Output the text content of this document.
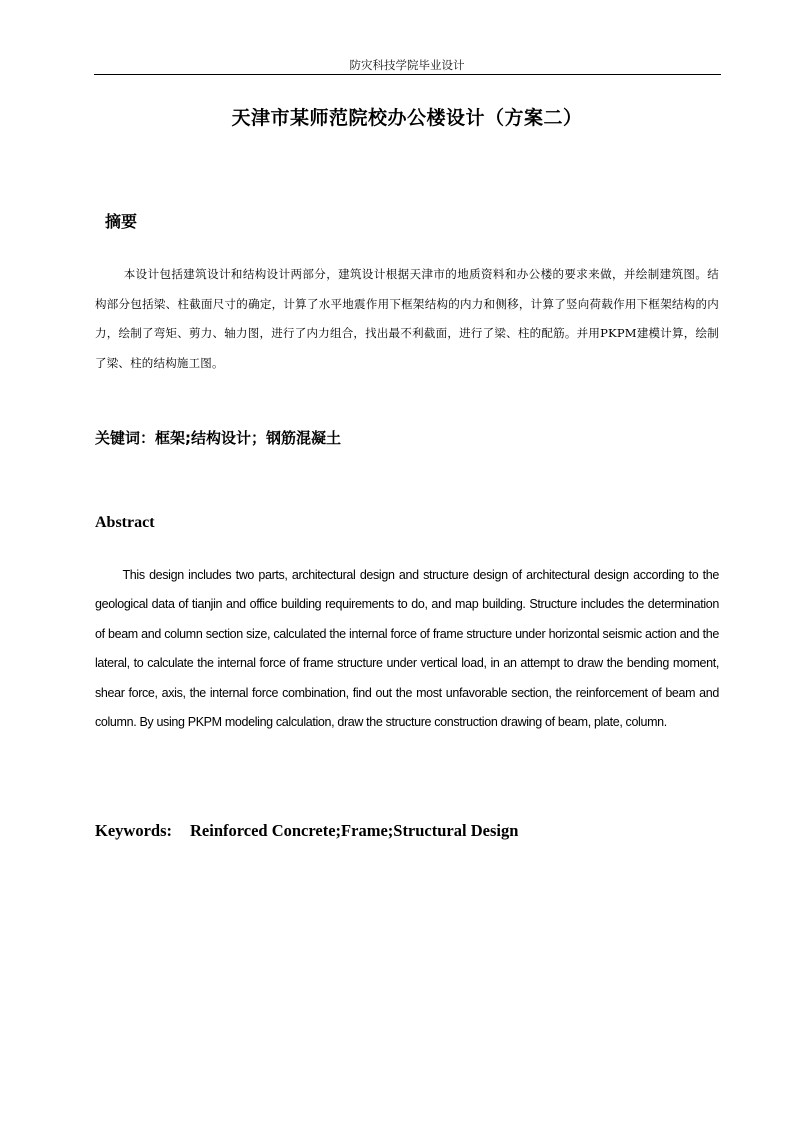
防灾科技学院毕业设计
天津市某师范院校办公楼设计（方案二）
摘要
本设计包括建筑设计和结构设计两部分，建筑设计根据天津市的地质资料和办公楼的要求来做，并绘制建筑图。结构部分包括梁、柱截面尺寸的确定，计算了水平地震作用下框架结构的内力和侧移，计算了竖向荷载作用下框架结构的内力，绘制了弯矩、剪力、轴力图，进行了内力组合，找出最不利截面，进行了梁、柱的配筋。并用PKPM建模计算，绘制了梁、柱的结构施工图。
关键词：框架;结构设计；钢筋混凝土
Abstract
This design includes two parts, architectural design and structure design of architectural design according to the geological data of tianjin and office building requirements to do, and map building. Structure includes the determination of beam and column section size, calculated the internal force of frame structure under horizontal seismic action and the lateral, to calculate the internal force of frame structure under vertical load, in an attempt to draw the bending moment, shear force, axis, the internal force combination, find out the most unfavorable section, the reinforcement of beam and column. By using PKPM modeling calculation, draw the structure construction drawing of beam, plate, column.
Keywords: Reinforced Concrete;Frame;Structural Design
